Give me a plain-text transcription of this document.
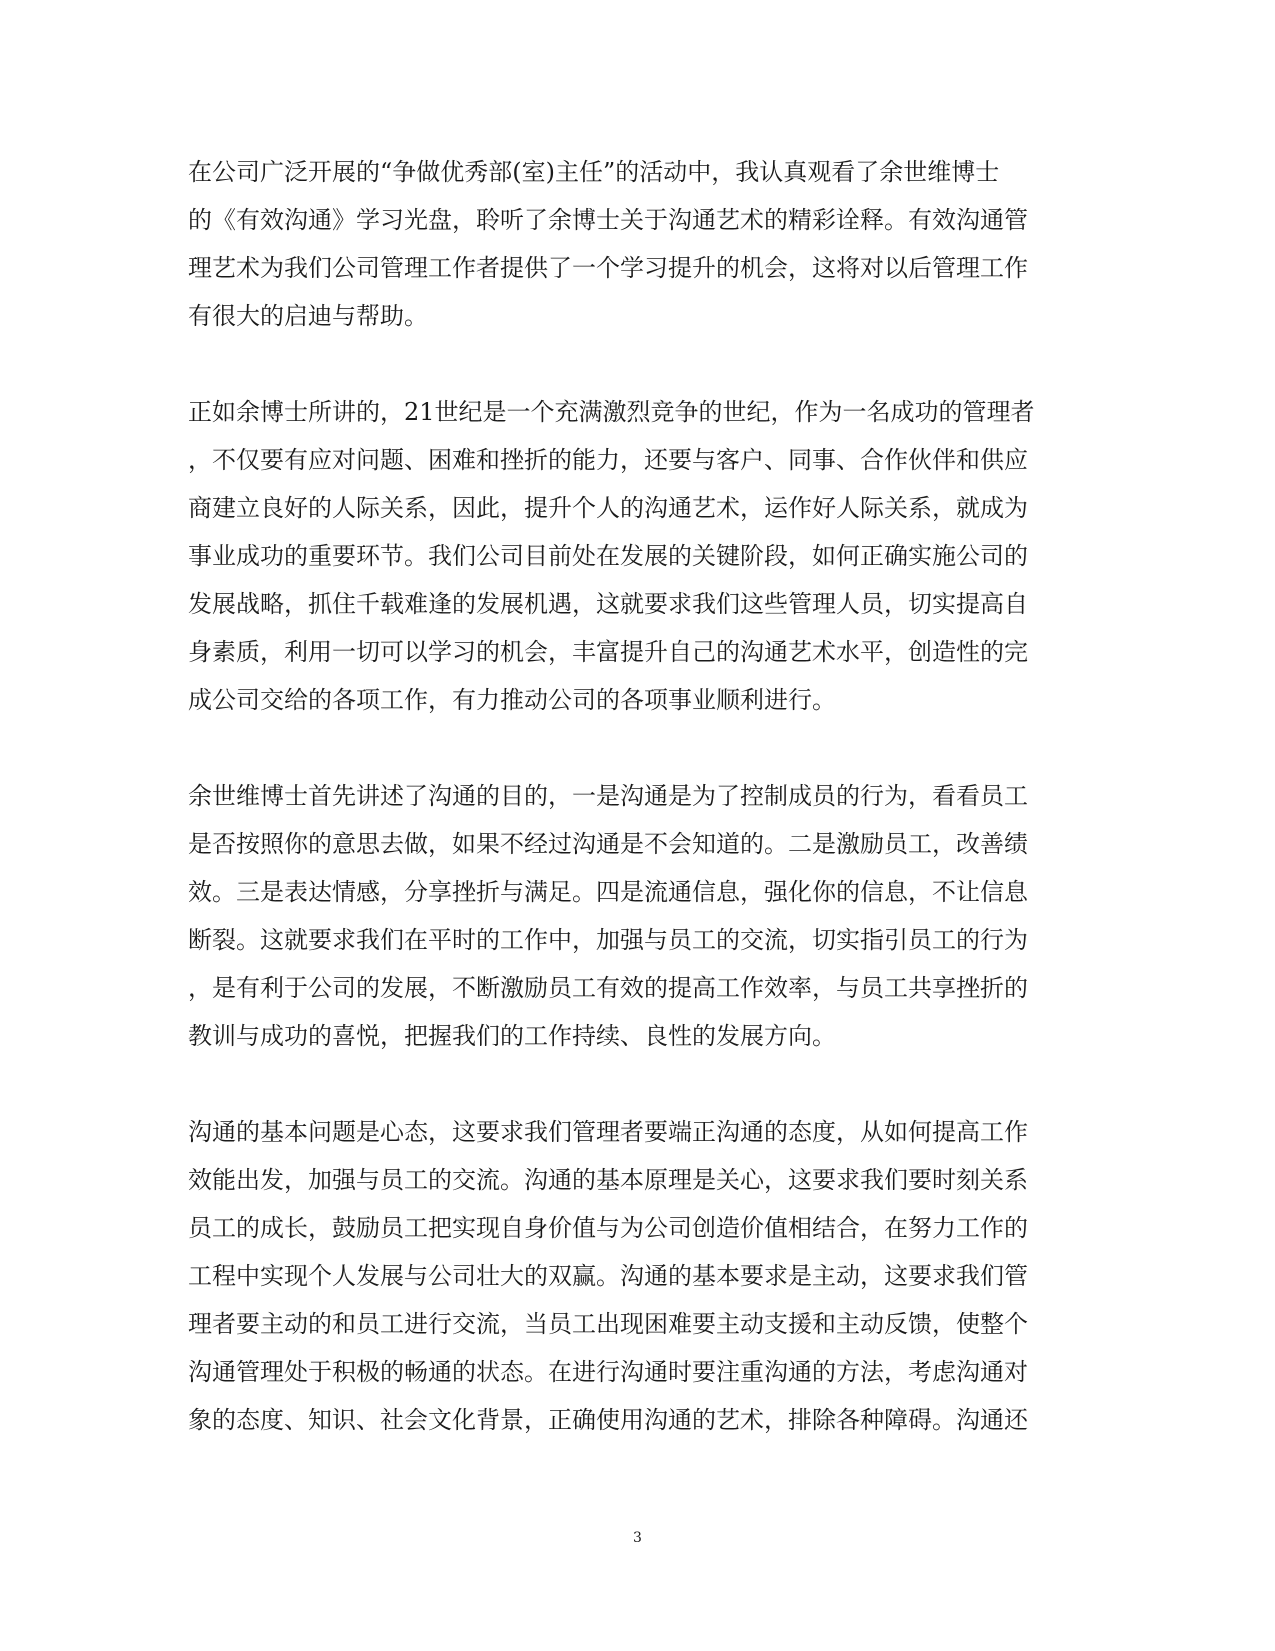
在公司广泛开展的“争做优秀部(室)主任”的活动中，我认真观看了余世维博士
的《有效沟通》学习光盘，聆听了余博士关于沟通艺术的精彩诠释。有效沟通管
理艺术为我们公司管理工作者提供了一个学习提升的机会，这将对以后管理工作
有很大的启迪与帮助。
正如余博士所讲的，21世纪是一个充满激烈竞争的世纪，作为一名成功的管理者
，不仅要有应对问题、困难和挫折的能力，还要与客户、同事、合作伙伴和供应
商建立良好的人际关系，因此，提升个人的沟通艺术，运作好人际关系，就成为
事业成功的重要环节。我们公司目前处在发展的关键阶段，如何正确实施公司的
发展战略，抓住千载难逢的发展机遇，这就要求我们这些管理人员，切实提高自
身素质，利用一切可以学习的机会，丰富提升自己的沟通艺术水平，创造性的完
成公司交给的各项工作，有力推动公司的各项事业顺利进行。
余世维博士首先讲述了沟通的目的，一是沟通是为了控制成员的行为，看看员工
是否按照你的意思去做，如果不经过沟通是不会知道的。二是激励员工，改善绩
效。三是表达情感，分享挫折与满足。四是流通信息，强化你的信息，不让信息
断裂。这就要求我们在平时的工作中，加强与员工的交流，切实指引员工的行为
，是有利于公司的发展，不断激励员工有效的提高工作效率，与员工共享挫折的
教训与成功的喜悦，把握我们的工作持续、良性的发展方向。
沟通的基本问题是心态，这要求我们管理者要端正沟通的态度，从如何提高工作
效能出发，加强与员工的交流。沟通的基本原理是关心，这要求我们要时刻关系
员工的成长，鼓励员工把实现自身价值与为公司创造价值相结合，在努力工作的
工程中实现个人发展与公司壮大的双赢。沟通的基本要求是主动，这要求我们管
理者要主动的和员工进行交流，当员工出现困难要主动支援和主动反馈，使整个
沟通管理处于积极的畅通的状态。在进行沟通时要注重沟通的方法，考虑沟通对
象的态度、知识、社会文化背景，正确使用沟通的艺术，排除各种障碍。沟通还
3
